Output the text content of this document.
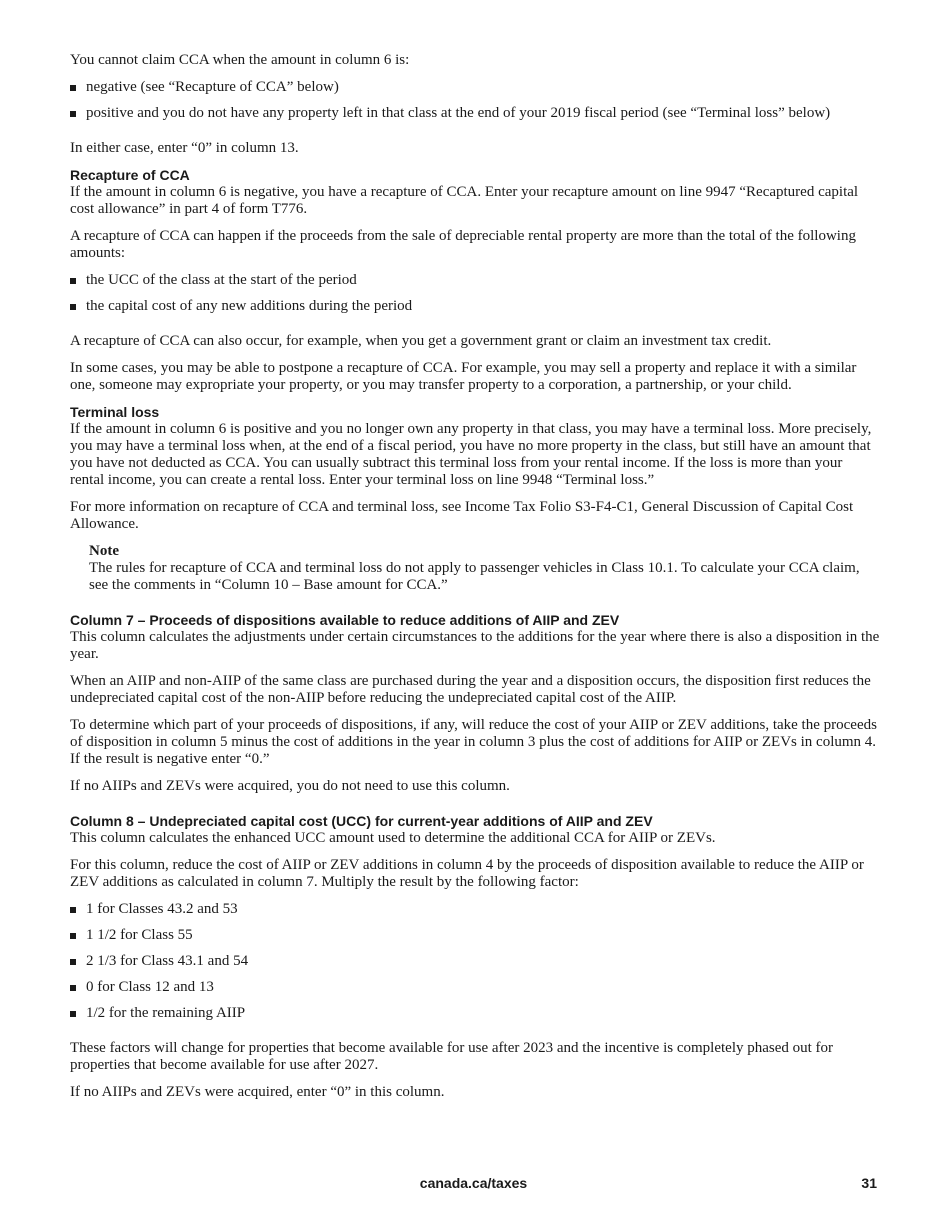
You cannot claim CCA when the amount in column 6 is:

negative (see “Recapture of CCA” below)
positive and you do not have any property left in that class at the end of your 2019 fiscal period (see “Terminal loss” below)

In either case, enter “0” in column 13.

Recapture of CCA

If the amount in column 6 is negative, you have a recapture of CCA. Enter your recapture amount on line 9947 “Recaptured capital cost allowance” in part 4 of form T776.

A recapture of CCA can happen if the proceeds from the sale of depreciable rental property are more than the total of the following amounts:

the UCC of the class at the start of the period
the capital cost of any new additions during the period

A recapture of CCA can also occur, for example, when you get a government grant or claim an investment tax credit.

In some cases, you may be able to postpone a recapture of CCA. For example, you may sell a property and replace it with a similar one, someone may expropriate your property, or you may transfer property to a corporation, a partnership, or your child.

Terminal loss

If the amount in column 6 is positive and you no longer own any property in that class, you may have a terminal loss. More precisely, you may have a terminal loss when, at the end of a fiscal period, you have no more property in the class, but still have an amount that you have not deducted as CCA. You can usually subtract this terminal loss from your rental income. If the loss is more than your rental income, you can create a rental loss. Enter your terminal loss on line 9948 “Terminal loss.”

For more information on recapture of CCA and terminal loss, see Income Tax Folio S3-F4-C1, General Discussion of Capital Cost Allowance.

Note

The rules for recapture of CCA and terminal loss do not apply to passenger vehicles in Class 10.1. To calculate your CCA claim, see the comments in “Column 10 – Base amount for CCA.”

Column 7 – Proceeds of dispositions available to reduce additions of AIIP and ZEV

This column calculates the adjustments under certain circumstances to the additions for the year where there is also a disposition in the year.

When an AIIP and non-AIIP of the same class are purchased during the year and a disposition occurs, the disposition first reduces the undepreciated capital cost of the non-AIIP before reducing the undepreciated capital cost of the AIIP.

To determine which part of your proceeds of dispositions, if any, will reduce the cost of your AIIP or ZEV additions, take the proceeds of disposition in column 5 minus the cost of additions in the year in column 3 plus the cost of additions for AIIP or ZEVs in column 4. If the result is negative enter “0.”

If no AIIPs and ZEVs were acquired, you do not need to use this column.

Column 8 – Undepreciated capital cost (UCC) for current-year additions of AIIP and ZEV

This column calculates the enhanced UCC amount used to determine the additional CCA for AIIP or ZEVs.

For this column, reduce the cost of AIIP or ZEV additions in column 4 by the proceeds of disposition available to reduce the AIIP or ZEV additions as calculated in column 7. Multiply the result by the following factor:

1 for Classes 43.2 and 53
1 1/2 for Class 55
2 1/3 for Class 43.1 and 54
0 for Class 12 and 13
1/2 for the remaining AIIP

These factors will change for properties that become available for use after 2023 and the incentive is completely phased out for properties that become available for use after 2027.

If no AIIPs and ZEVs were acquired, enter “0” in this column.

canada.ca/taxes	31
